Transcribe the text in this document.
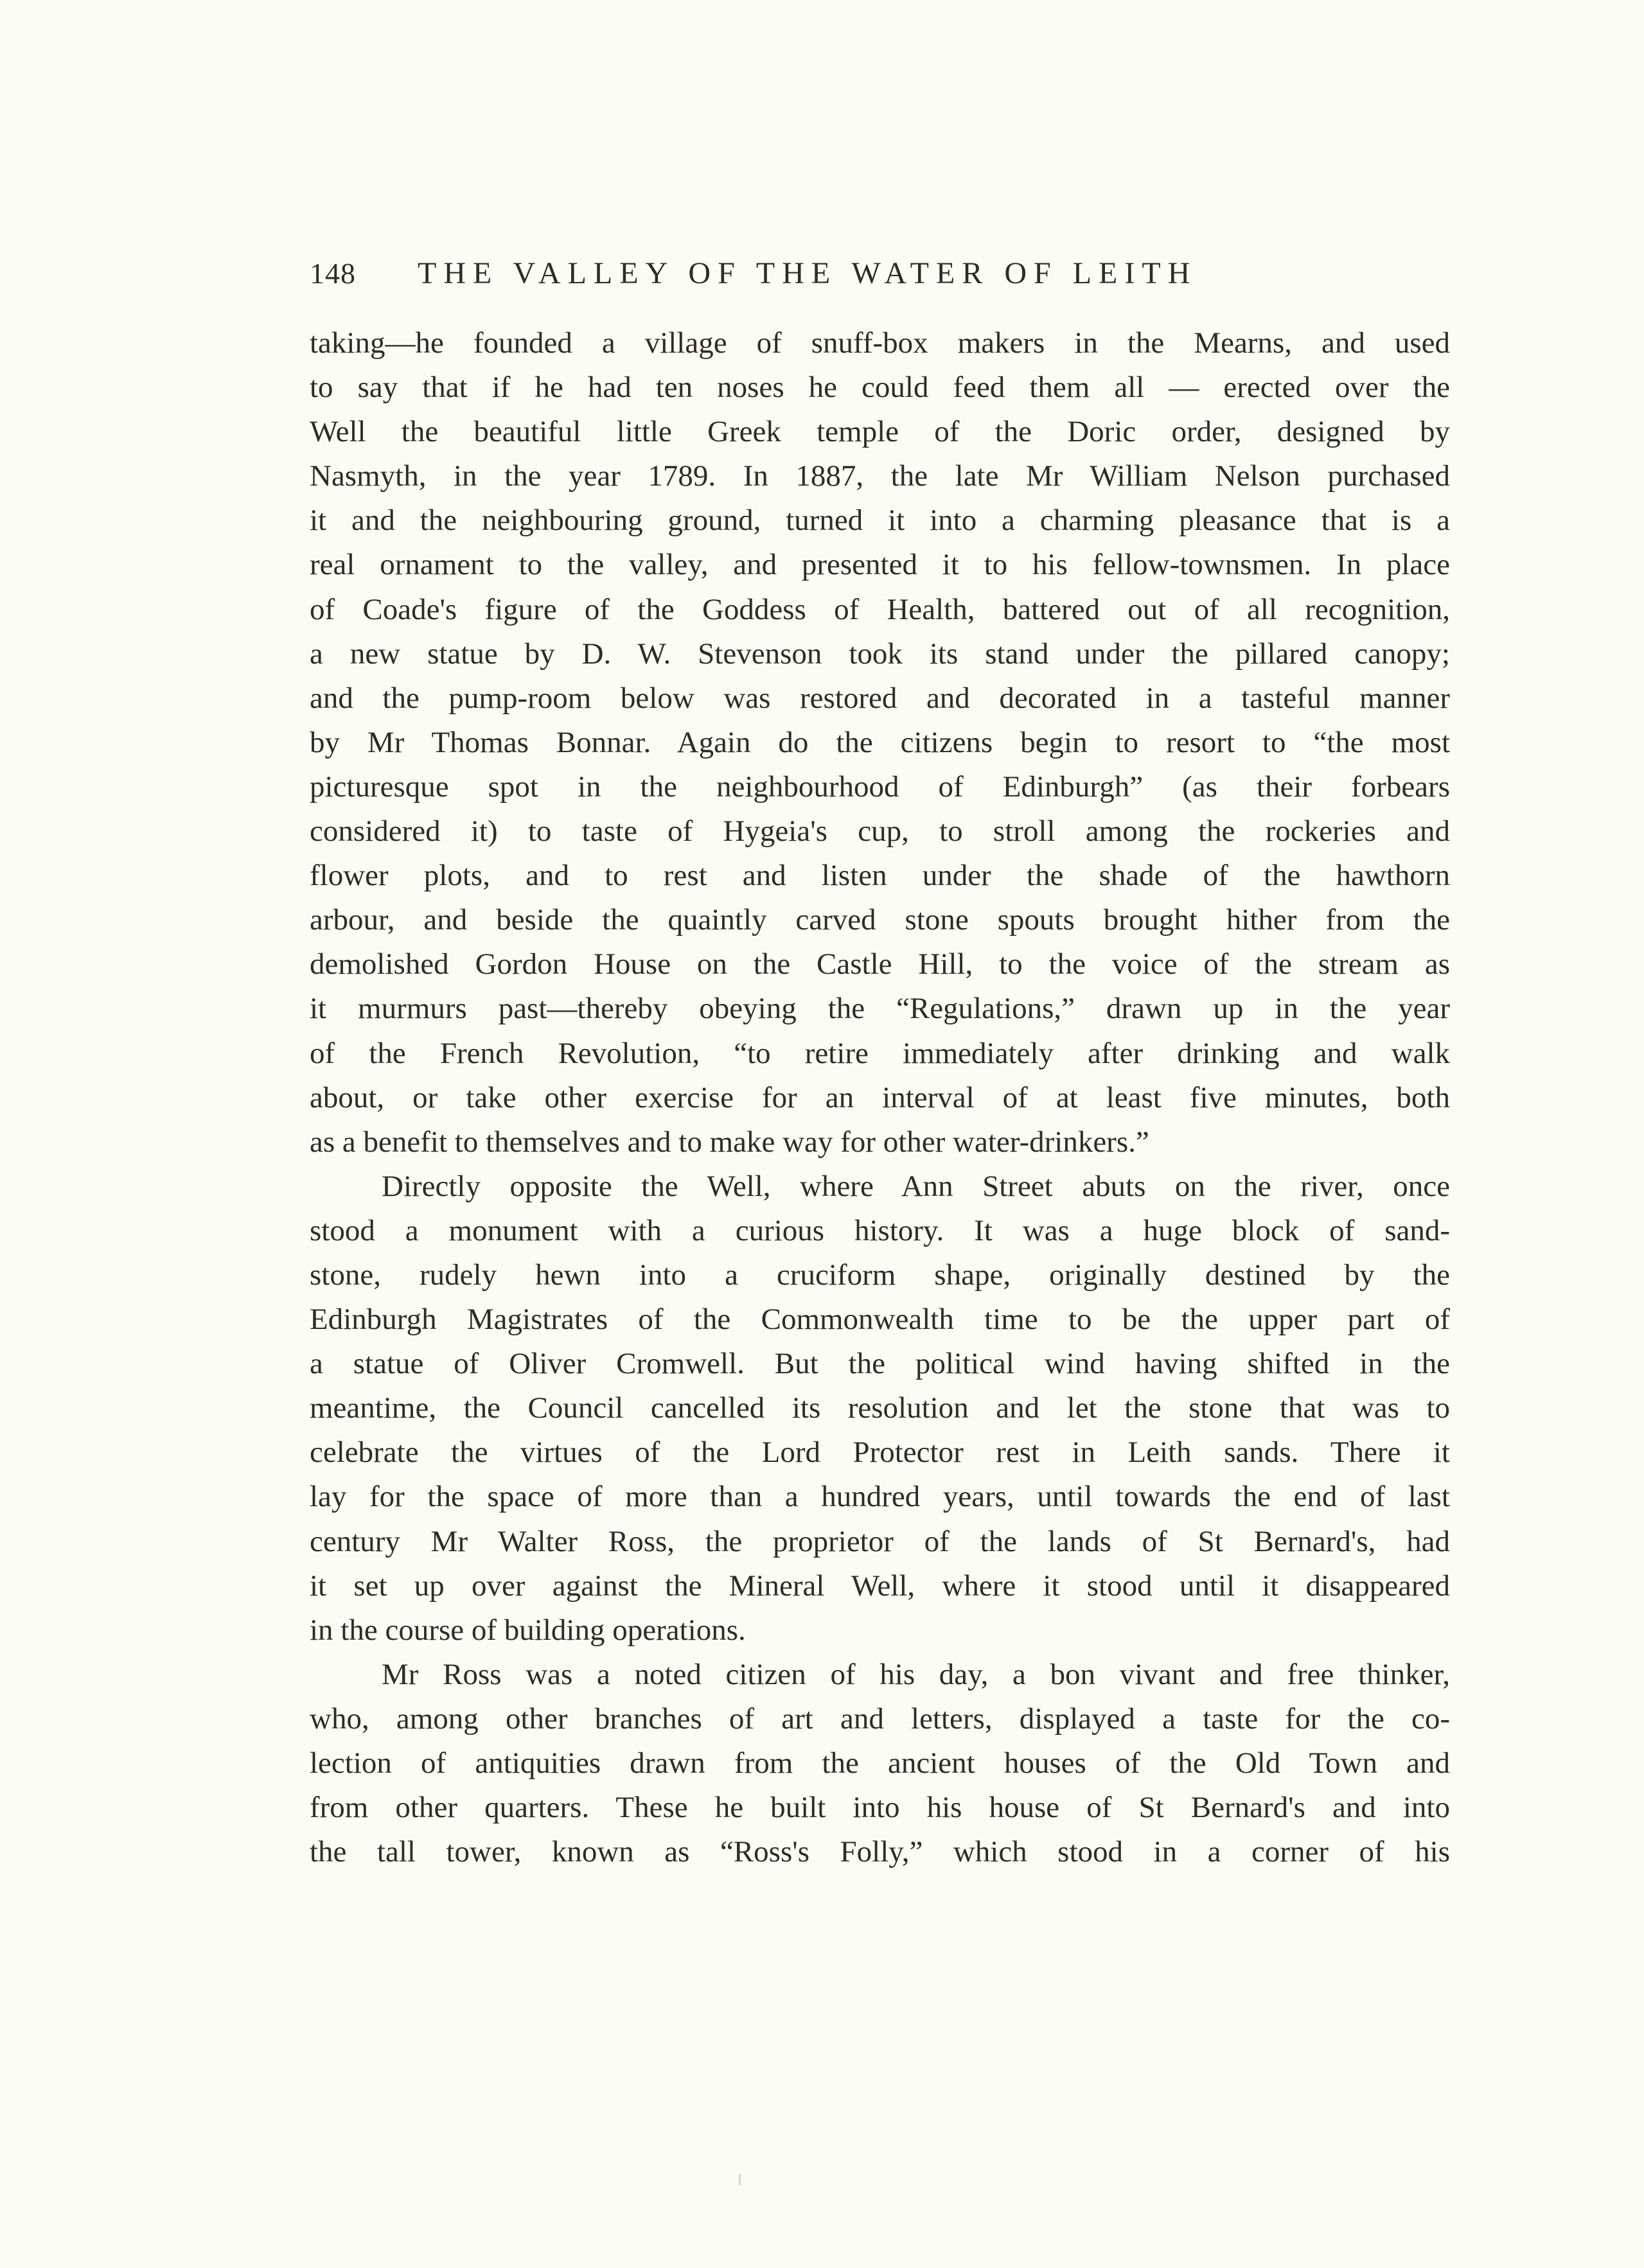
148 THE VALLEY OF THE WATER OF LEITH
taking—he founded a village of snuff-box makers in the Mearns, and used
to say that if he had ten noses he could feed them all — erected over the
Well the beautiful little Greek temple of the Doric order, designed by
Nasmyth, in the year 1789. In 1887, the late Mr William Nelson purchased
it and the neighbouring ground, turned it into a charming pleasance that is a
real ornament to the valley, and presented it to his fellow-townsmen. In place
of Coade's figure of the Goddess of Health, battered out of all recognition,
a new statue by D. W. Stevenson took its stand under the pillared canopy;
and the pump-room below was restored and decorated in a tasteful manner
by Mr Thomas Bonnar. Again do the citizens begin to resort to “the most
picturesque spot in the neighbourhood of Edinburgh” (as their forbears
considered it) to taste of Hygeia's cup, to stroll among the rockeries and
flower plots, and to rest and listen under the shade of the hawthorn
arbour, and beside the quaintly carved stone spouts brought hither from the
demolished Gordon House on the Castle Hill, to the voice of the stream as
it murmurs past—thereby obeying the “Regulations,” drawn up in the year
of the French Revolution, “to retire immediately after drinking and walk
about, or take other exercise for an interval of at least five minutes, both
as a benefit to themselves and to make way for other water-drinkers.”
Directly opposite the Well, where Ann Street abuts on the river, once
stood a monument with a curious history. It was a huge block of sand-
stone, rudely hewn into a cruciform shape, originally destined by the
Edinburgh Magistrates of the Commonwealth time to be the upper part of
a statue of Oliver Cromwell. But the political wind having shifted in the
meantime, the Council cancelled its resolution and let the stone that was to
celebrate the virtues of the Lord Protector rest in Leith sands. There it
lay for the space of more than a hundred years, until towards the end of last
century Mr Walter Ross, the proprietor of the lands of St Bernard's, had
it set up over against the Mineral Well, where it stood until it disappeared
in the course of building operations.
Mr Ross was a noted citizen of his day, a bon vivant and free thinker,
who, among other branches of art and letters, displayed a taste for the co-
lection of antiquities drawn from the ancient houses of the Old Town and
from other quarters. These he built into his house of St Bernard's and into
the tall tower, known as “Ross's Folly,” which stood in a corner of his
